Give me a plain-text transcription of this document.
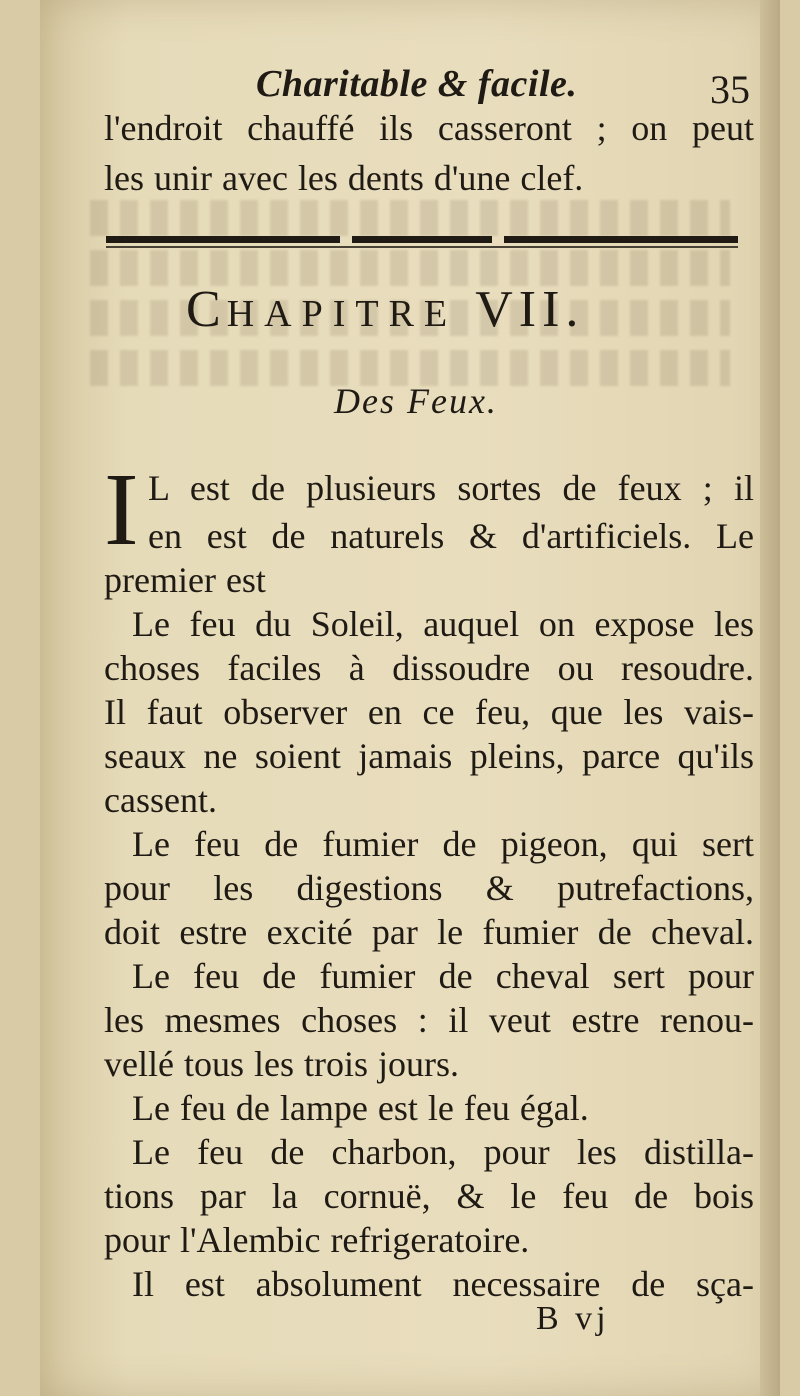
Charitable & facile.	35
l'endroit chauffé ils casseront ; on peut
les unir avec les dents d'une clef.
CHAPITRE VII.
Des Feux.
I L est de plusieurs sortes de feux ; il
en est de naturels & d'artificiels. Le
premier est
Le feu du Soleil, auquel on expose les
choses faciles à dissoudre ou resoudre.
Il faut observer en ce feu, que les vais-
seaux ne soient jamais pleins, parce qu'ils
cassent.
Le feu de fumier de pigeon, qui sert
pour les digestions & putrefactions,
doit estre excité par le fumier de cheval.
Le feu de fumier de cheval sert pour
les mesmes choses : il veut estre renou-
vellé tous les trois jours.
Le feu de lampe est le feu égal.
Le feu de charbon, pour les distilla-
tions par la cornuë, & le feu de bois
pour l'Alembic refrigeratoire.
Il est absolument necessaire de sça-
B vj
